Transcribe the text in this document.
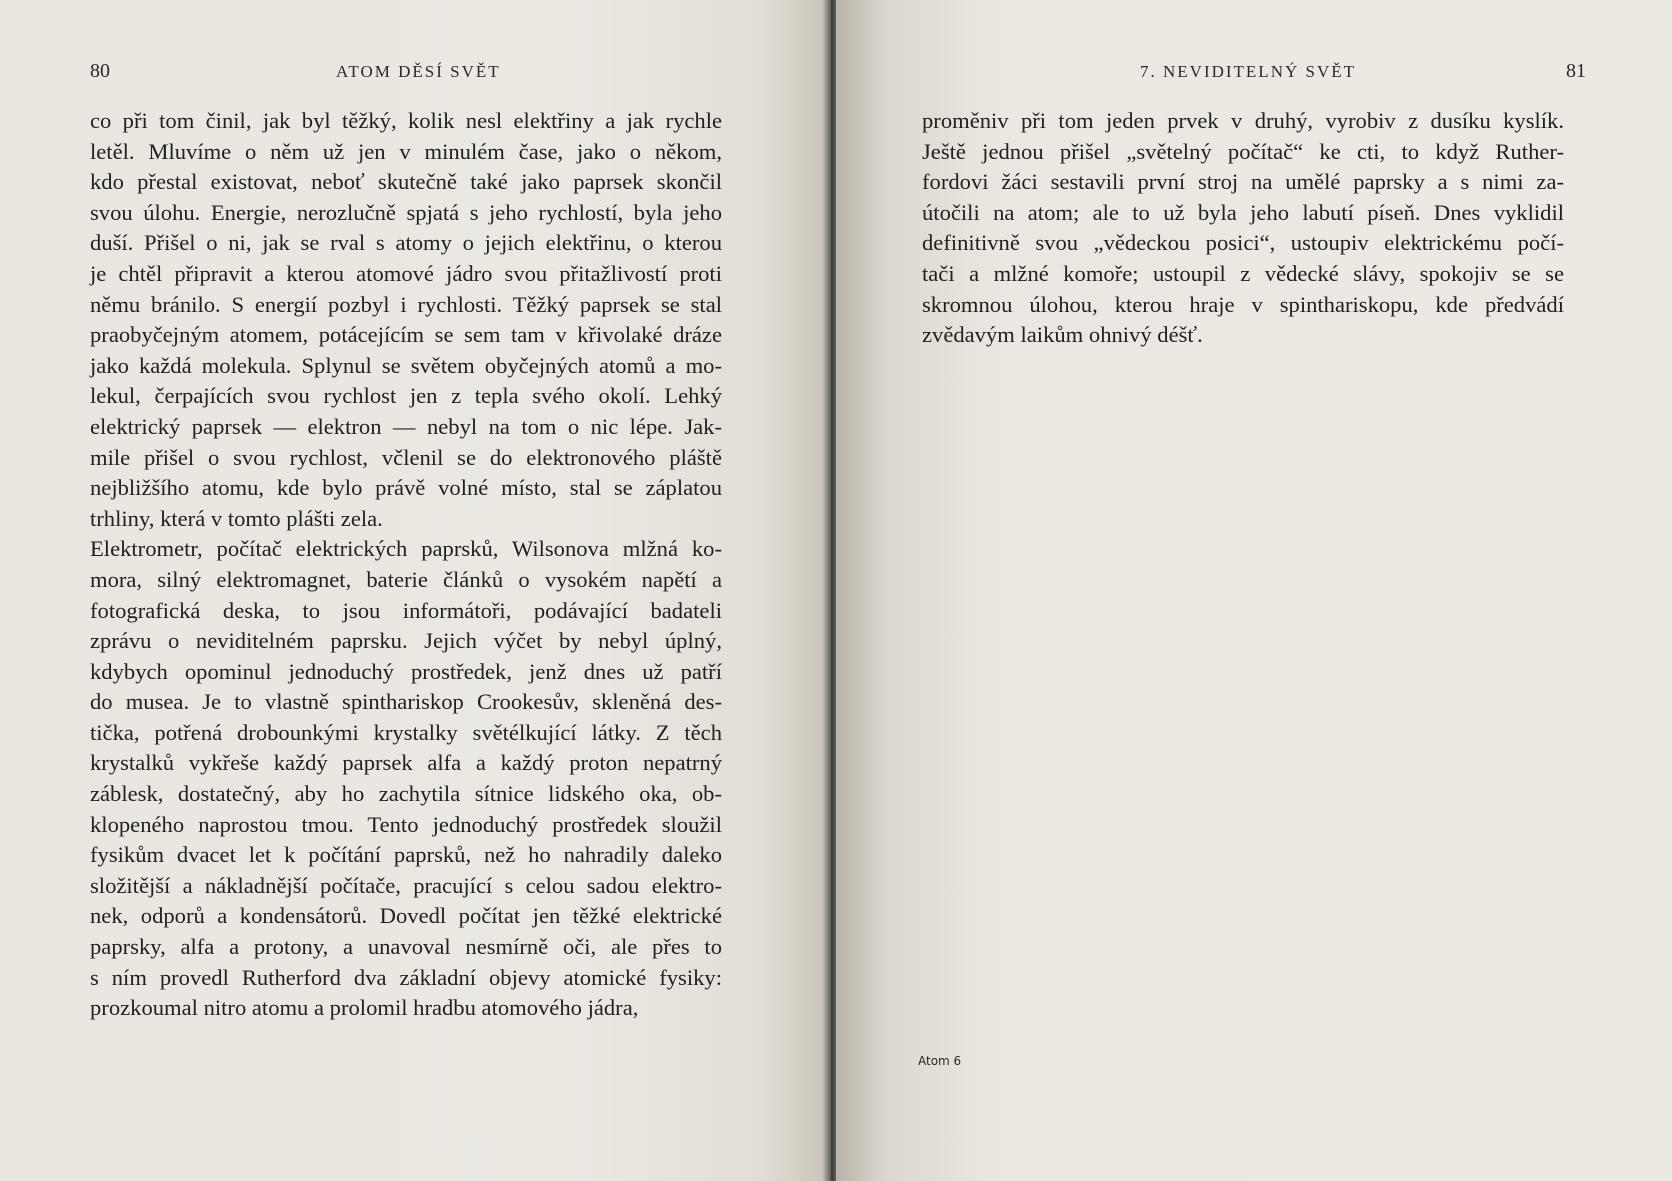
80	ATOM DĚSÍ SVĚT

co při tom činil, jak byl těžký, kolik nesl elektřiny a jak rychle
letěl. Mluvíme o něm už jen v minulém čase, jako o někom,
kdo přestal existovat, neboť skutečně také jako paprsek skončil
svou úlohu. Energie, nerozlučně spjatá s jeho rychlostí, byla jeho
duší. Přišel o ni, jak se rval s atomy o jejich elektřinu, o kterou
je chtěl připravit a kterou atomové jádro svou přitažlivostí proti
němu bránilo. S energií pozbyl i rychlosti. Těžký paprsek se stal
praobyčejným atomem, potácejícím se sem tam v křivolaké dráze
jako každá molekula. Splynul se světem obyčejných atomů a mo-
lekul, čerpajících svou rychlost jen z tepla svého okolí. Lehký
elektrický paprsek — elektron — nebyl na tom o nic lépe. Jak-
mile přišel o svou rychlost, včlenil se do elektronového pláště
nejbližšího atomu, kde bylo právě volné místo, stal se záplatou
trhliny, která v tomto plášti zela.

Elektrometr, počítač elektrických paprsků, Wilsonova mlžná ko-
mora, silný elektromagnet, baterie článků o vysokém napětí a
fotografická deska, to jsou informátoři, podávající badateli
zprávu o neviditelném paprsku. Jejich výčet by nebyl úplný,
kdybych opominul jednoduchý prostředek, jenž dnes už patří
do musea. Je to vlastně spinthariskop Crookesův, skleněná des-
tička, potřená drobounkými krystalky světélkující látky. Z těch
krystalků vykřeše každý paprsek alfa a každý proton nepatrný
záblesk, dostatečný, aby ho zachytila sítnice lidského oka, ob-
klopeného naprostou tmou. Tento jednoduchý prostředek sloužil
fysikům dvacet let k počítání paprsků, než ho nahradily daleko
složitější a nákladnější počítače, pracující s celou sadou elektro-
nek, odporů a kondensátorů. Dovedl počítat jen těžké elektrické
paprsky, alfa a protony, a unavoval nesmírně oči, ale přes to
s ním provedl Rutherford dva základní objevy atomické fysiky:
prozkoumal nitro atomu a prolomil hradbu atomového jádra,

7. NEVIDITELNÝ SVĚT	81

proměniv při tom jeden prvek v druhý, vyrobiv z dusíku kyslík.
Ještě jednou přišel „světelný počítač“ ke cti, to když Ruther-
fordovi žáci sestavili první stroj na umělé paprsky a s nimi za-
útočili na atom; ale to už byla jeho labutí píseň. Dnes vyklidil
definitivně svou „vědeckou posici“, ustoupiv elektrickému počí-
tači a mlžné komoře; ustoupil z vědecké slávy, spokojiv se se
skromnou úlohou, kterou hraje v spinthariskopu, kde předvádí
zvědavým laikům ohnivý déšť.

Atom 6
